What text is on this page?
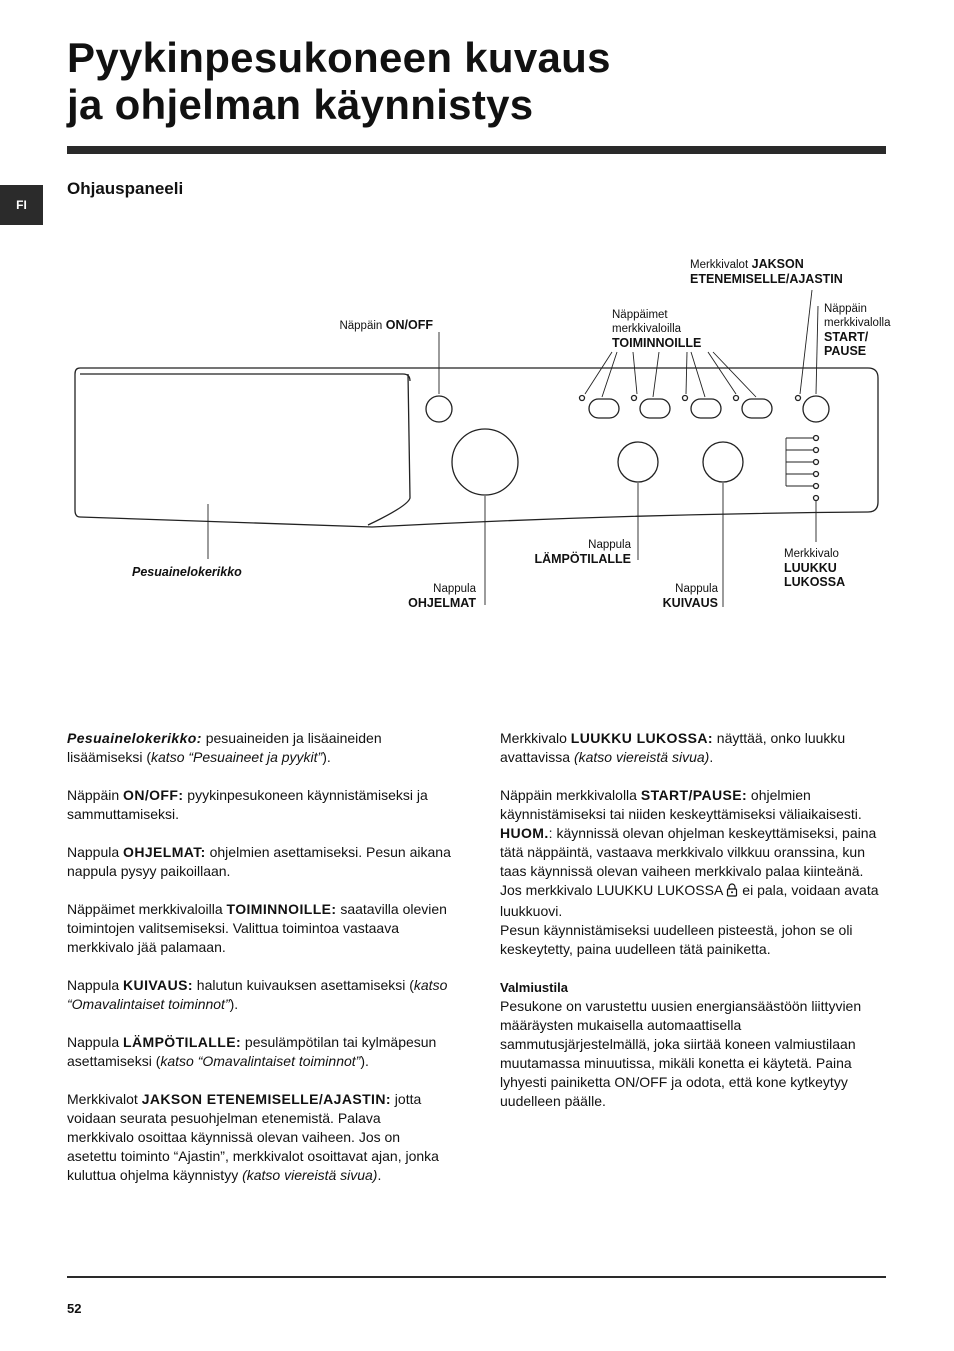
Pyykinpesukoneen kuvaus
ja ohjelman käynnistys
FI
Ohjauspaneeli
Näppäin ON/OFF
Näppäimet
merkkivaloilla
TOIMINNOILLE
Merkkivalot JAKSON
ETENEMISELLE/AJASTIN
Näppäin
merkkivalolla
START/
PAUSE
Pesuainelokerikko
Nappula
OHJELMAT
Nappula
LÄMPÖTILALLE
Nappula
KUIVAUS
Merkkivalo
LUUKKU
LUKOSSA

Pesuainelokerikko: pesuaineiden ja lisäaineiden lisäämiseksi (katso “Pesuaineet ja pyykit”).

Näppäin ON/OFF: pyykinpesukoneen käynnistämiseksi ja sammuttamiseksi.

Nappula OHJELMAT: ohjelmien asettamiseksi. Pesun aikana nappula pysyy paikoillaan.

Näppäimet merkkivaloilla TOIMINNOILLE: saatavilla olevien toimintojen valitsemiseksi. Valittua toimintoa vastaava merkkivalo jää palamaan.

Nappula KUIVAUS: halutun kuivauksen asettamiseksi (katso “Omavalintaiset toiminnot”).

Nappula LÄMPÖTILALLE: pesulämpötilan tai kylmäpesun asettamiseksi (katso “Omavalintaiset toiminnot”).

Merkkivalot JAKSON ETENEMISELLE/AJASTIN: jotta voidaan seurata pesuohjelman etenemistä. Palava merkkivalo osoittaa käynnissä olevan vaiheen. Jos on asetettu toiminto “Ajastin”, merkkivalot osoittavat ajan, jonka kuluttua ohjelma käynnistyy (katso viereistä sivua).

Merkkivalo LUUKKU LUKOSSA: näyttää, onko luukku avattavissa (katso viereistä sivua).

Näppäin merkkivalolla START/PAUSE: ohjelmien käynnistämiseksi tai niiden keskeyttämiseksi väliaikaisesti.

HUOM.: käynnissä olevan ohjelman keskeyttämiseksi, paina tätä näppäintä, vastaava merkkivalo vilkkuu oranssina, kun taas käynnissä olevan vaiheen merkkivalo palaa kiinteänä. Jos merkkivalo LUUKKU LUKOSSA  ei pala, voidaan avata luukkuovi.

Pesun käynnistämiseksi uudelleen pisteestä, johon se oli keskeytetty, paina uudelleen tätä painiketta.

Valmiustila
Pesukone on varustettu uusien energiansäästöön liittyvien määräysten mukaisella automaattisella sammutusjärjestelmällä, joka siirtää koneen valmiustilaan muutamassa minuutissa, mikäli konetta ei käytetä. Paina lyhyesti painiketta ON/OFF ja odota, että kone kytkeytyy uudelleen päälle.

52
